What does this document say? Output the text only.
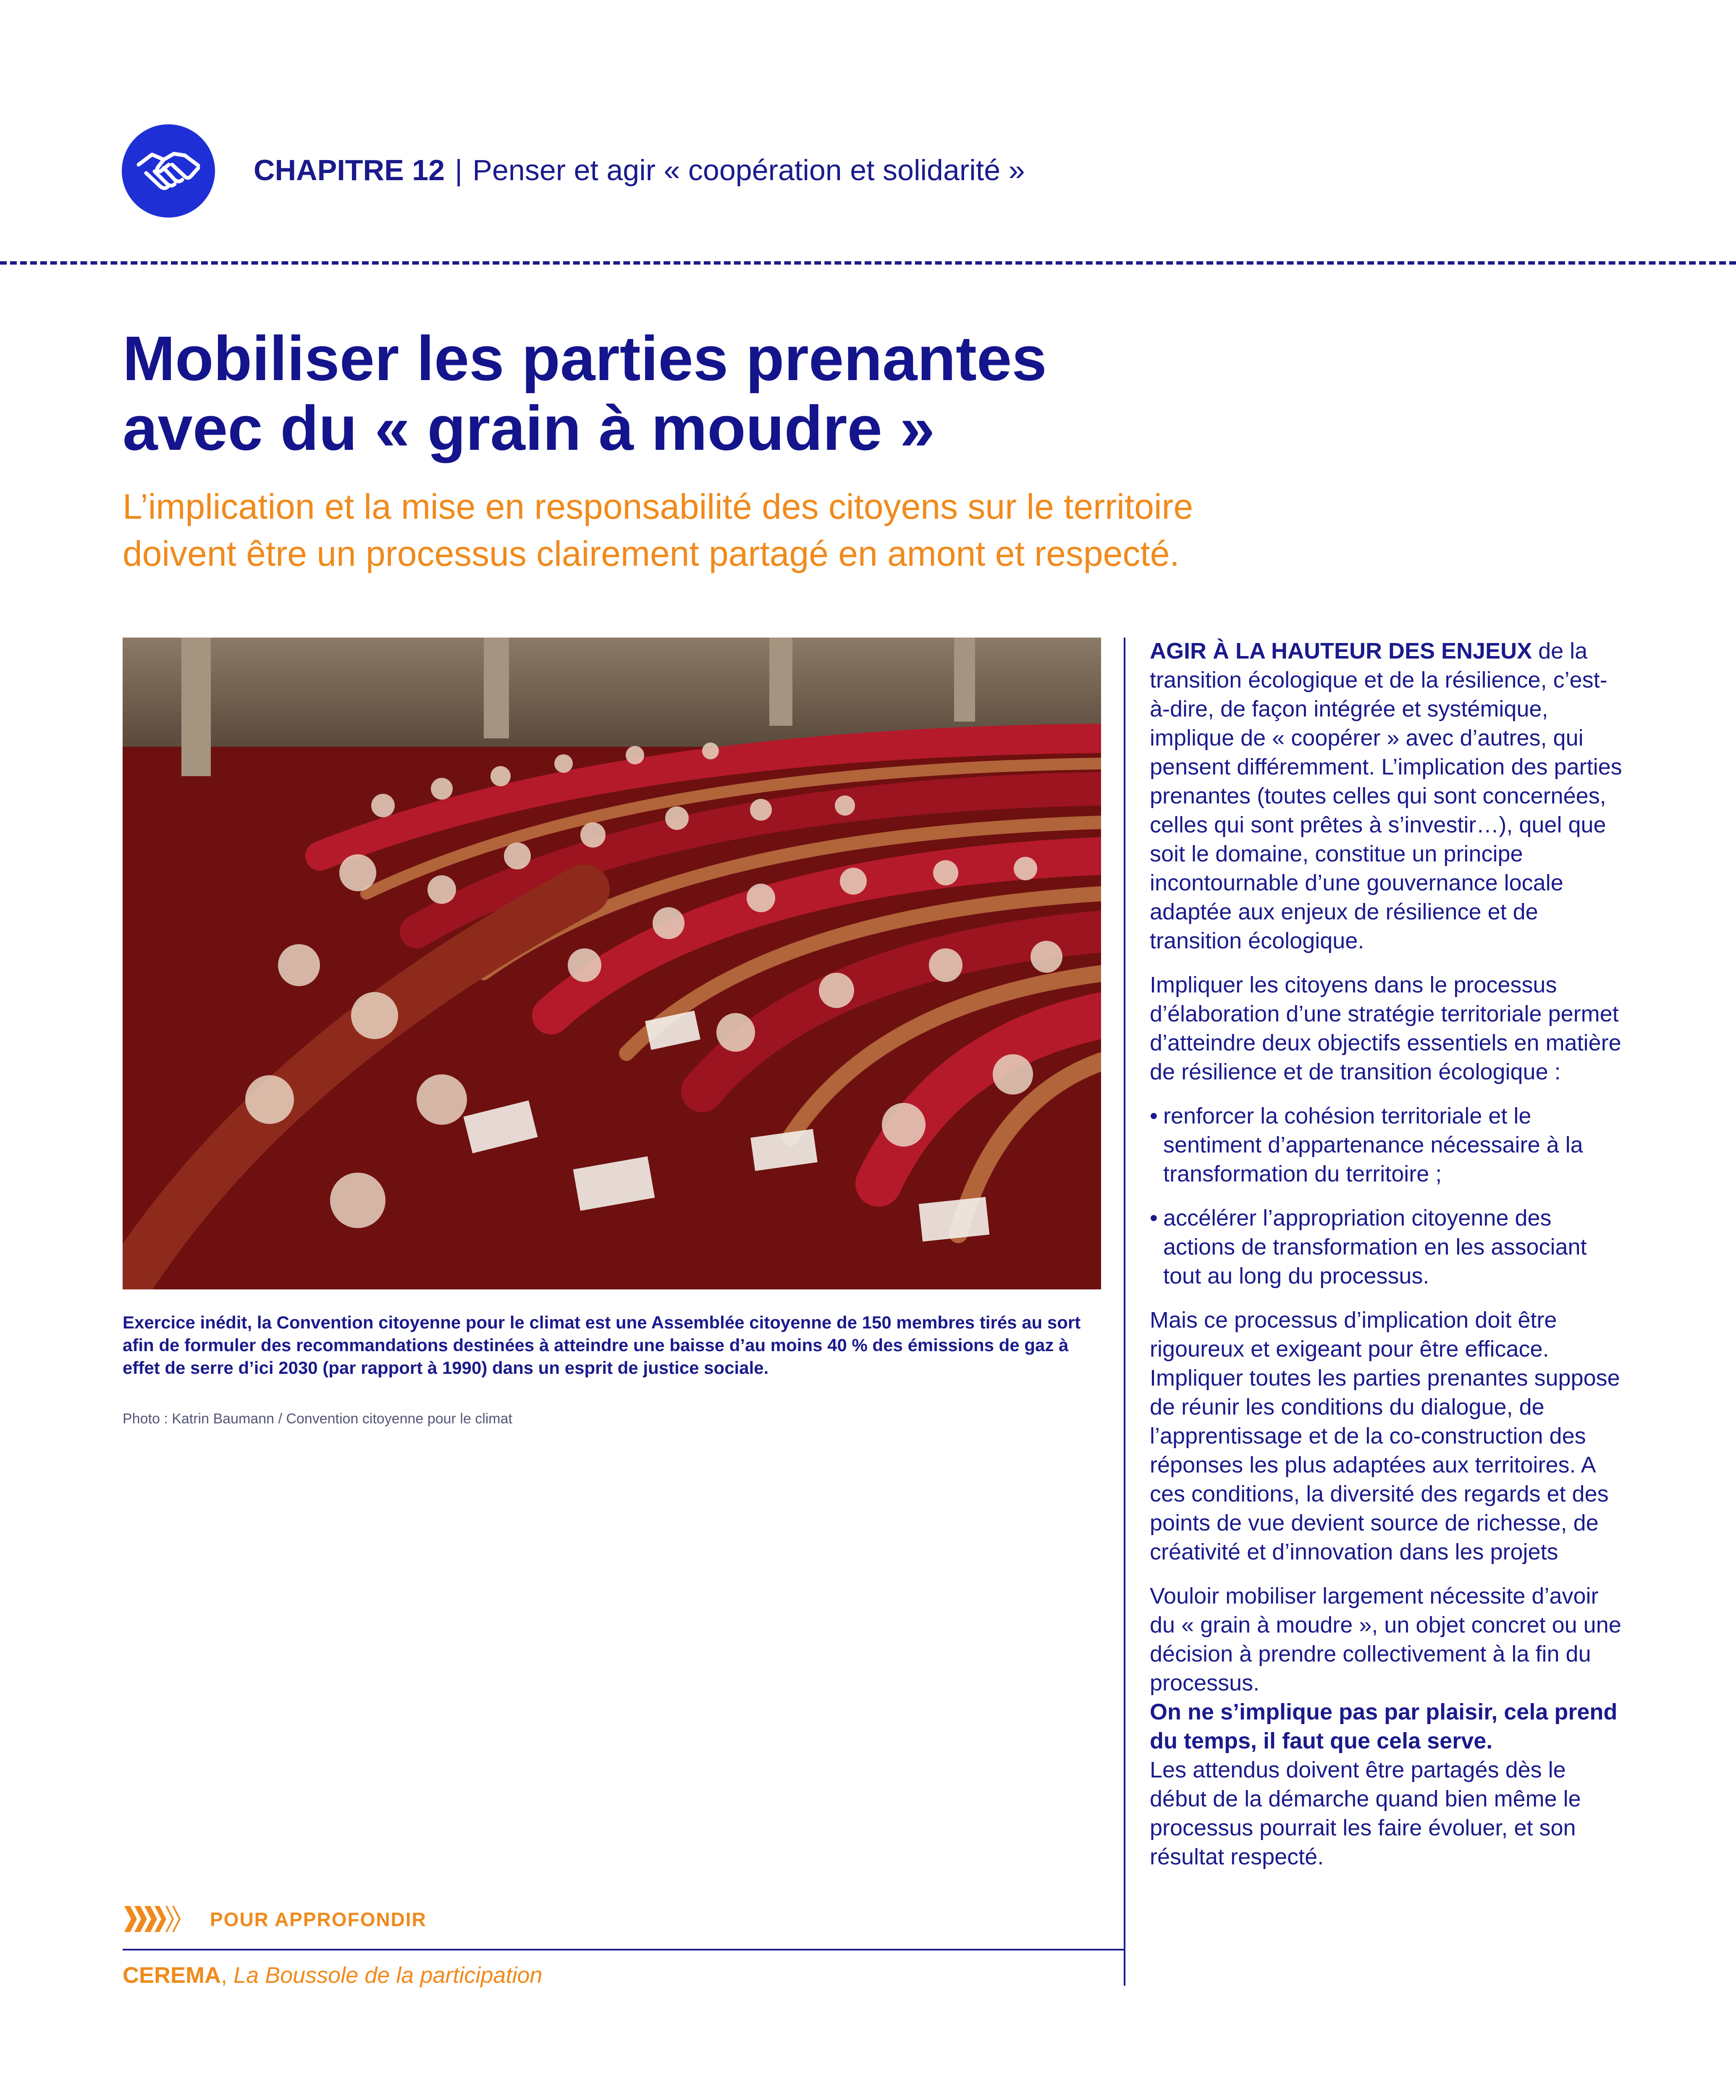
CHAPITRE 12 | Penser et agir « coopération et solidarité »
Mobiliser les parties prenantes
avec du « grain à moudre »
L’implication et la mise en responsabilité des citoyens sur le territoire
doivent être un processus clairement partagé en amont et respecté.
Exercice inédit, la Convention citoyenne pour le climat est une Assemblée citoyenne de 150 membres tirés au sort afin de formuler des recommandations destinées à atteindre une baisse d’au moins 40 % des émissions de gaz à effet de serre d’ici 2030 (par rapport à 1990) dans un esprit de justice sociale.
Photo : Katrin Baumann / Convention citoyenne pour le climat

AGIR À LA HAUTEUR DES ENJEUX de la transition écologique et de la résilience, c’est-à-dire, de façon intégrée et systémique, implique de « coopérer » avec d’autres, qui pensent différemment. L’implication des parties prenantes (toutes celles qui sont concernées, celles qui sont prêtes à s’investir…), quel que soit le domaine, constitue un principe incontournable d’une gouvernance locale adaptée aux enjeux de résilience et de transition écologique.

Impliquer les citoyens dans le processus d’élaboration d’une stratégie territoriale permet d’atteindre deux objectifs essentiels en matière de résilience et de transition écologique :

• renforcer la cohésion territoriale et le sentiment d’appartenance nécessaire à la transformation du territoire ;
• accélérer l’appropriation citoyenne des actions de transformation en les associant tout au long du processus.

Mais ce processus d’implication doit être rigoureux et exigeant pour être efficace. Impliquer toutes les parties prenantes suppose de réunir les conditions du dialogue, de l’apprentissage et de la co-construction des réponses les plus adaptées aux territoires. A ces conditions, la diversité des regards et des points de vue devient source de richesse, de créativité et d’innovation dans les projets

Vouloir mobiliser largement nécessite d’avoir du « grain à moudre », un objet concret ou une décision à prendre collectivement à la fin du processus.
On ne s’implique pas par plaisir, cela prend du temps, il faut que cela serve.
Les attendus doivent être partagés dès le début de la démarche quand bien même le processus pourrait les faire évoluer, et son résultat respecté.

POUR APPROFONDIR
CEREMA, La Boussole de la participation
